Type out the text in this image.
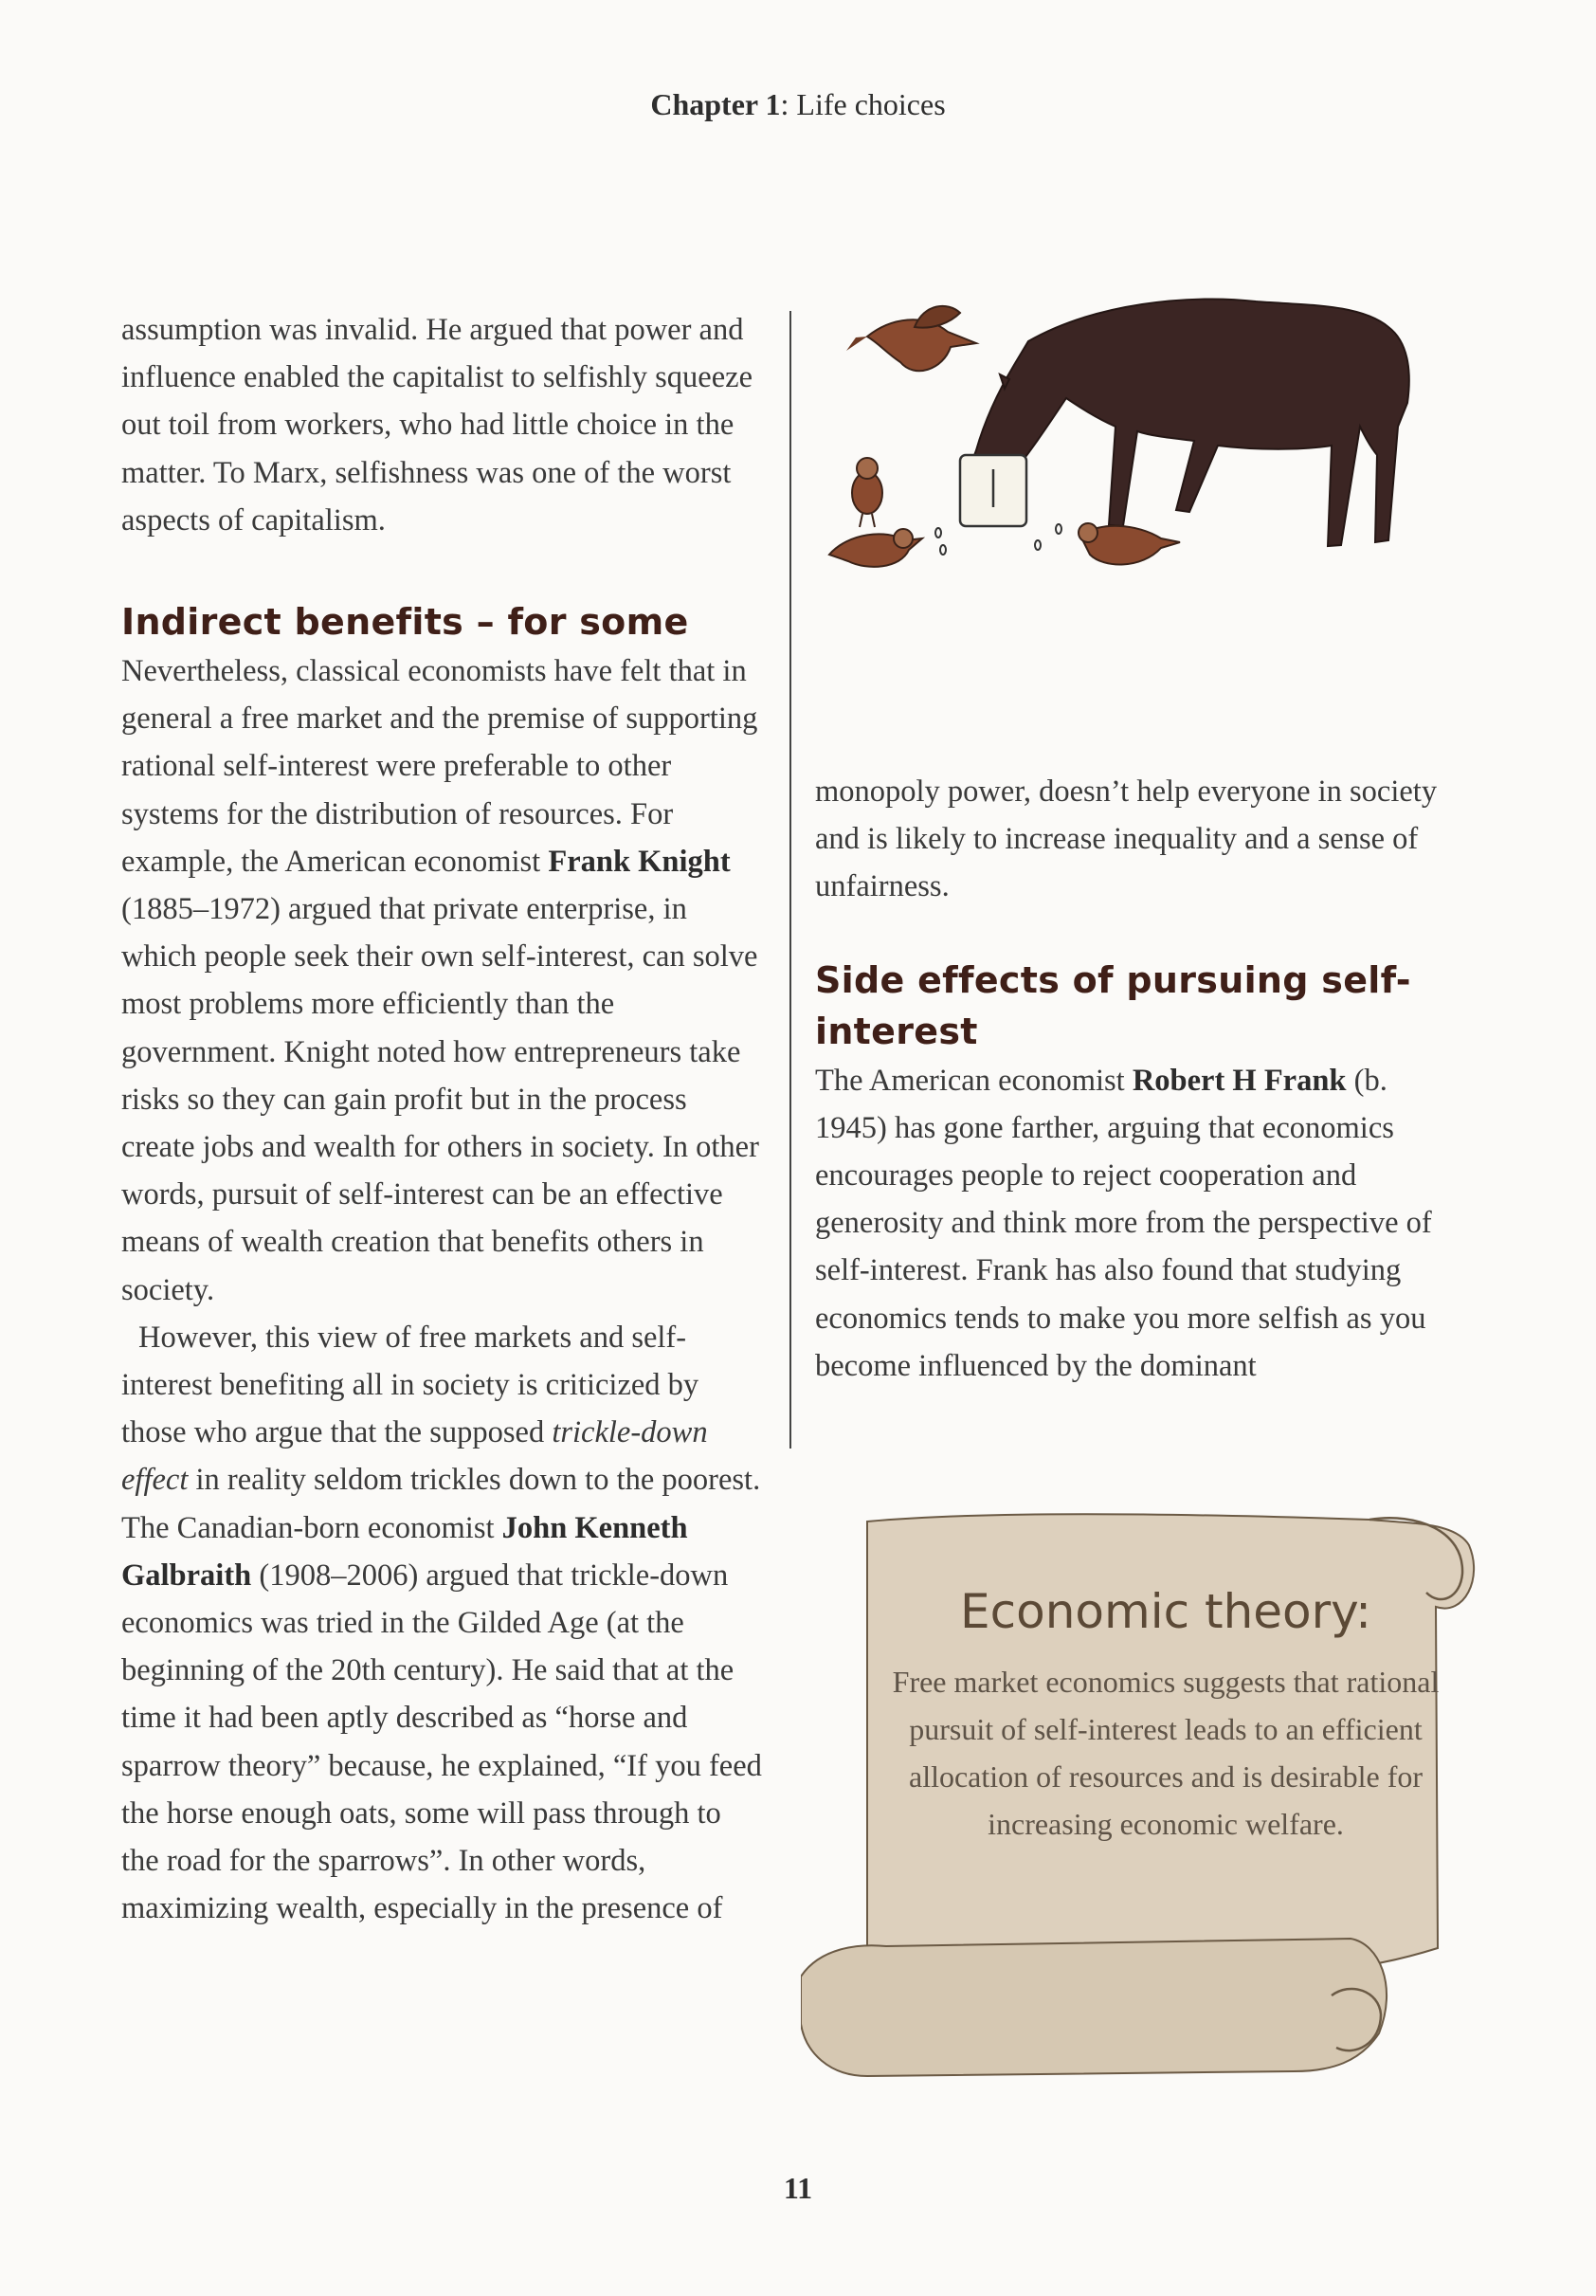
Chapter 1: Life choices

assumption was invalid. He argued that power and influence enabled the capitalist to selfishly squeeze out toil from workers, who had little choice in the matter. To Marx, selfishness was one of the worst aspects of capitalism.

Indirect benefits – for some

Nevertheless, classical economists have felt that in general a free market and the premise of supporting rational self-interest were preferable to other systems for the distribution of resources. For example, the American economist Frank Knight (1885–1972) argued that private enterprise, in which people seek their own self-interest, can solve most problems more efficiently than the government. Knight noted how entrepreneurs take risks so they can gain profit but in the process create jobs and wealth for others in society. In other words, pursuit of self-interest can be an effective means of wealth creation that benefits others in society.

However, this view of free markets and self-interest benefiting all in society is criticized by those who argue that the supposed trickle-down effect in reality seldom trickles down to the poorest. The Canadian-born economist John Kenneth Galbraith (1908–2006) argued that trickle-down economics was tried in the Gilded Age (at the beginning of the 20th century). He said that at the time it had been aptly described as “horse and sparrow theory” because, he explained, “If you feed the horse enough oats, some will pass through to the road for the sparrows”. In other words, maximizing wealth, especially in the presence of

monopoly power, doesn’t help everyone in society and is likely to increase inequality and a sense of unfairness.

Side effects of pursuing self-interest

The American economist Robert H Frank (b. 1945) has gone farther, arguing that economics encourages people to reject cooperation and generosity and think more from the perspective of self-interest. Frank has also found that studying economics tends to make you more selfish as you become influenced by the dominant

Economic theory:
Free market economics suggests that rational pursuit of self-interest leads to an efficient allocation of resources and is desirable for increasing economic welfare.
11
